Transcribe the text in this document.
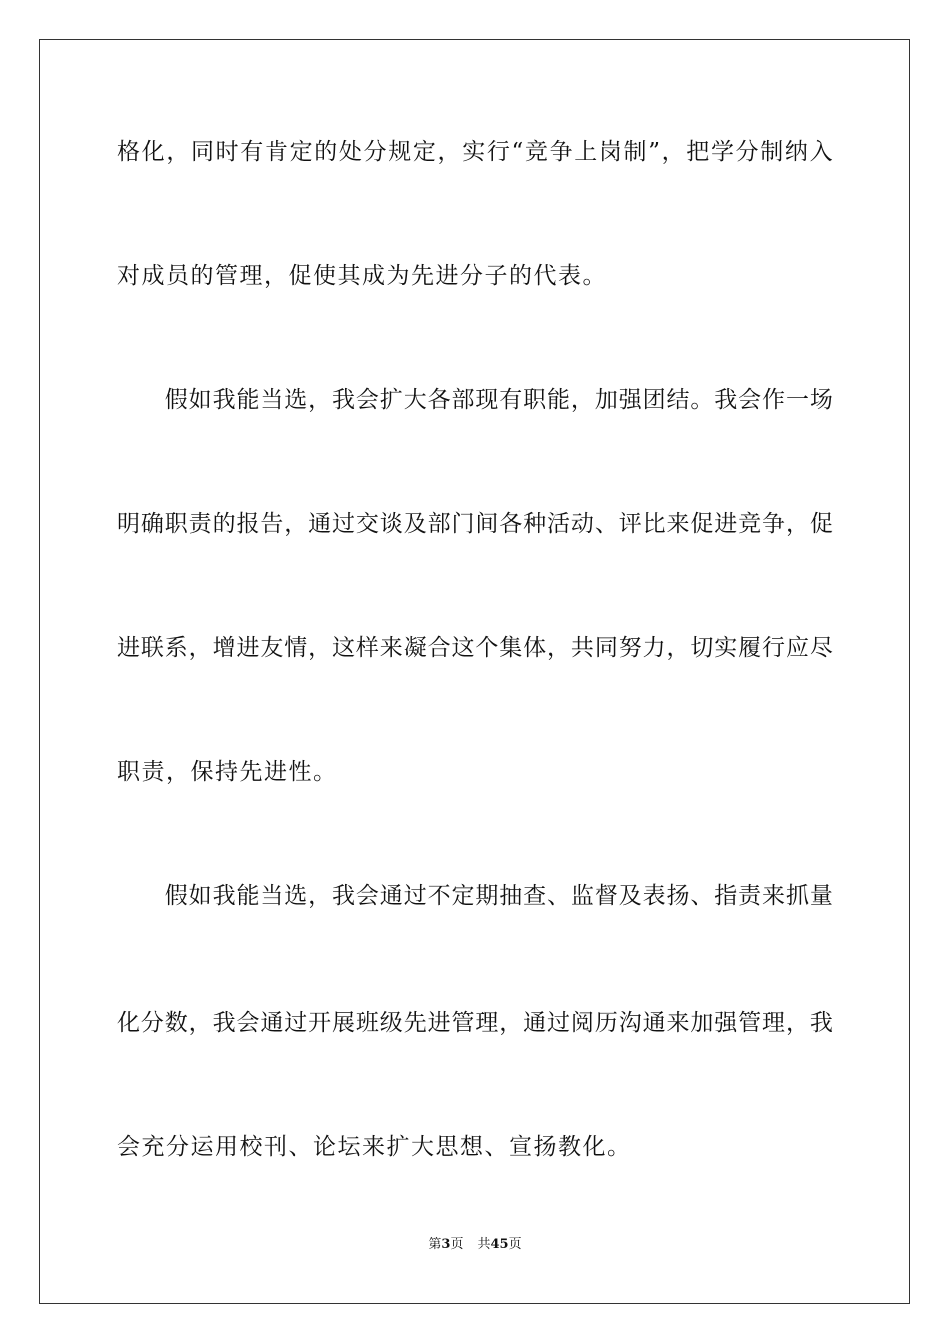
格 化 ， 同 时 有 肯 定 的 处 分 规 定 ， 实 行 “ 竞 争 上 岗 制 ” ， 把 学 分 制 纳 入
对成员的管理，促使其成为先进分子的代表。

假 如 我 能 当 选 ， 我 会 扩 大 各 部 现 有 职 能 ， 加 强 团 结 。 我 会 作 一 场
明 确 职 责 的 报 告 ， 通 过 交 谈 及 部 门 间 各 种 活 动 、 评 比 来 促 进 竞 争 ， 促
进 联 系 ， 增 进 友 情 ， 这 样 来 凝 合 这 个 集 体 ， 共 同 努 力 ， 切 实 履 行 应 尽
职责，保持先进性。

假 如 我 能 当 选 ， 我 会 通 过 不 定 期 抽 查 、 监 督 及 表 扬 、 指 责 来 抓 量
化 分 数 ， 我 会 通 过 开 展 班 级 先 进 管 理 ， 通 过 阅 历 沟 通 来 加 强 管 理 ， 我
会充分运用校刊、论坛来扩大思想、宣扬教化。
第3页 共45页
